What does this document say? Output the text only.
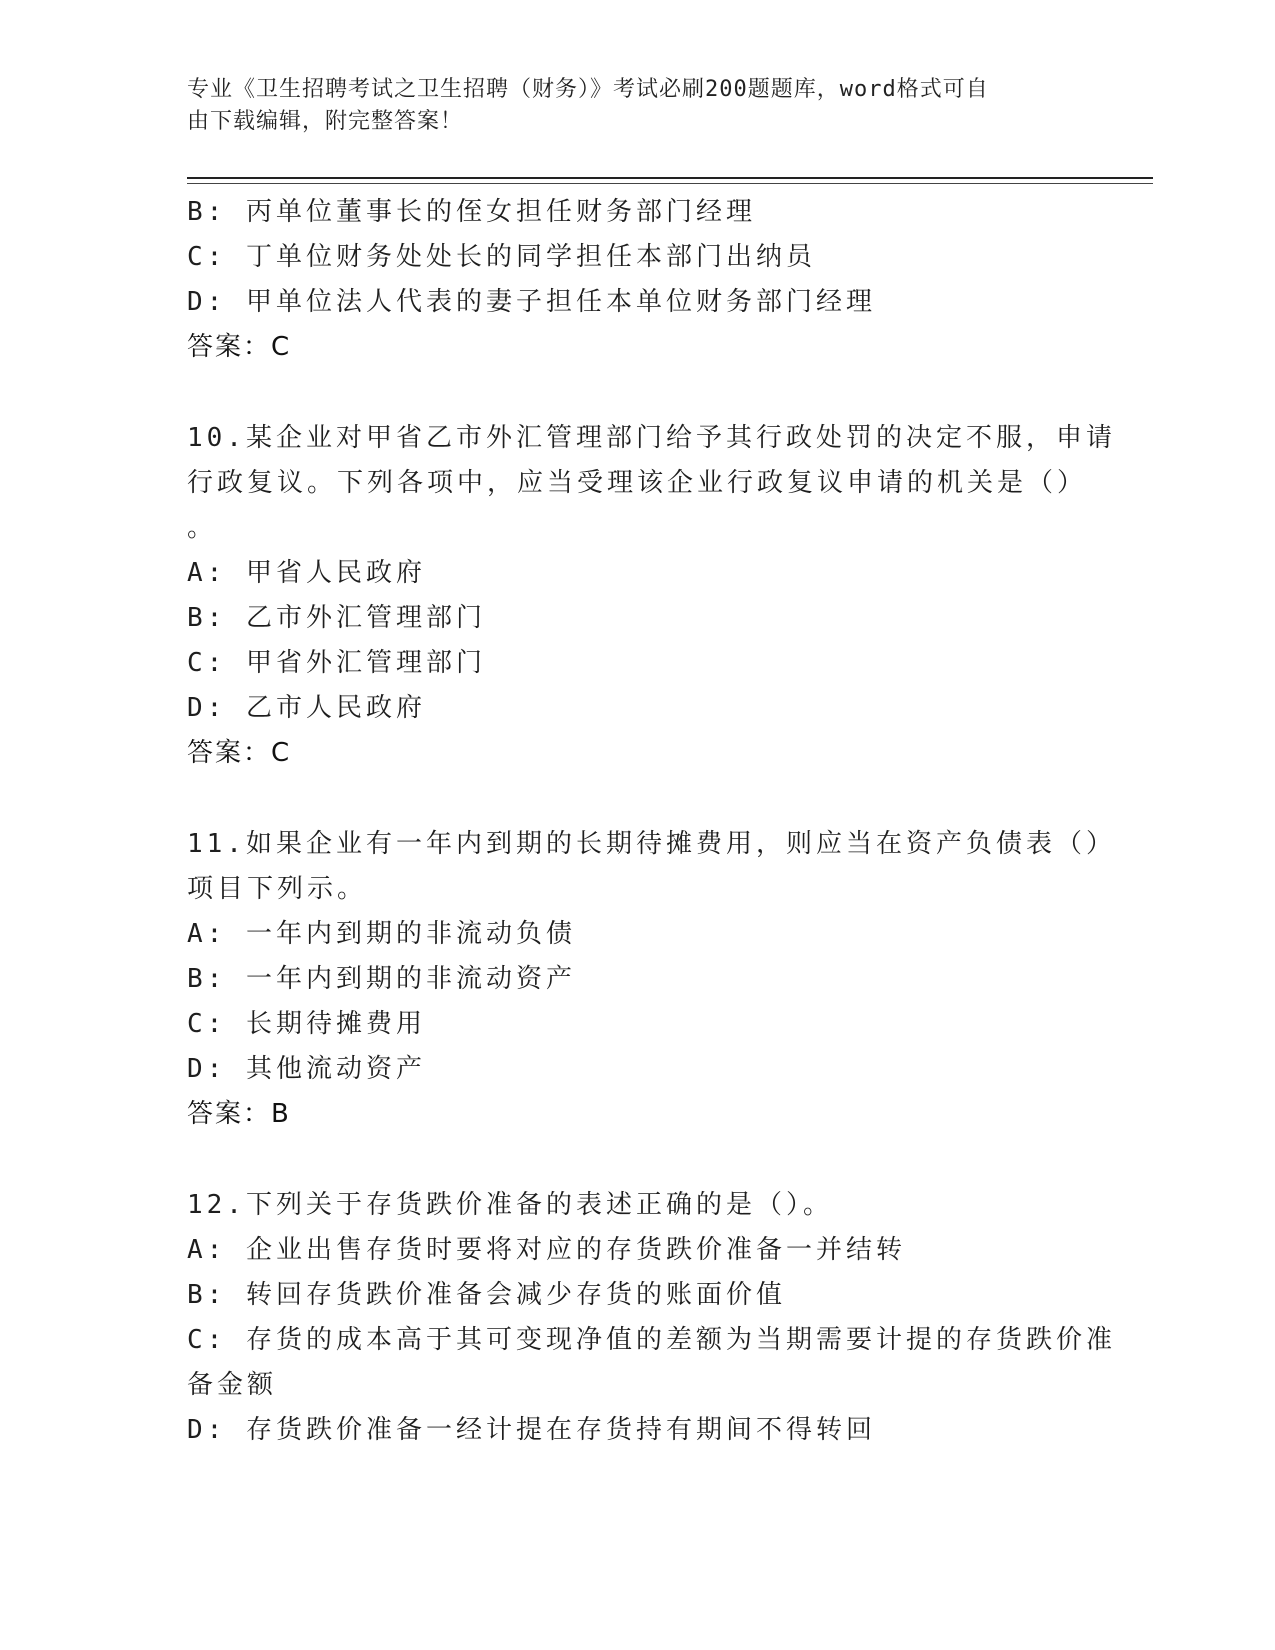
专业《卫生招聘考试之卫生招聘（财务）》考试必刷200题题库，word格式可自
由下载编辑，附完整答案！
B: 丙单位董事长的侄女担任财务部门经理
C: 丁单位财务处处长的同学担任本部门出纳员
D: 甲单位法人代表的妻子担任本单位财务部门经理
答案：C
10.某企业对甲省乙市外汇管理部门给予其行政处罚的决定不服，申请
行政复议。下列各项中，应当受理该企业行政复议申请的机关是（）
。
A: 甲省人民政府
B: 乙市外汇管理部门
C: 甲省外汇管理部门
D: 乙市人民政府
答案：C
11.如果企业有一年内到期的长期待摊费用，则应当在资产负债表（）
项目下列示。
A: 一年内到期的非流动负债
B: 一年内到期的非流动资产
C: 长期待摊费用
D: 其他流动资产
答案：B
12.下列关于存货跌价准备的表述正确的是（）。
A: 企业出售存货时要将对应的存货跌价准备一并结转
B: 转回存货跌价准备会减少存货的账面价值
C: 存货的成本高于其可变现净值的差额为当期需要计提的存货跌价准
备金额
D: 存货跌价准备一经计提在存货持有期间不得转回
